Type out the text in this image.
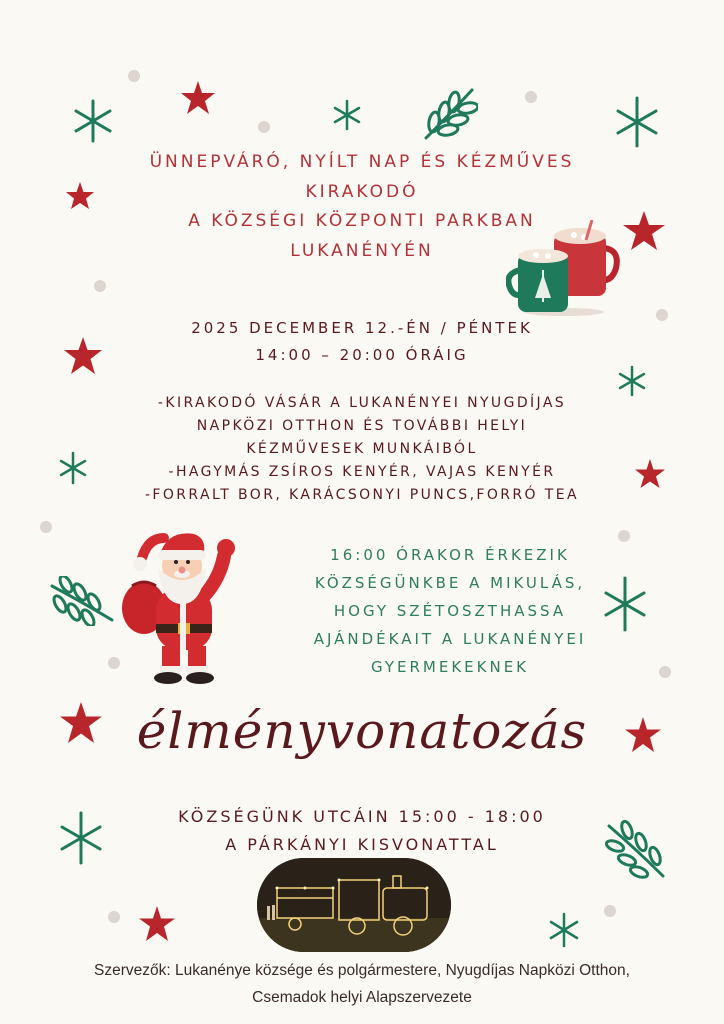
ÜNNEPVÁRÓ, NYÍLT NAP ÉS KÉZMŰVES
KIRAKODÓ
A KÖZSÉGI KÖZPONTI PARKBAN
LUKANÉNYÉN
2025 DECEMBER 12.-ÉN / PÉNTEK
14:00 – 20:00 ÓRÁIG
-KIRAKODÓ VÁSÁR A LUKANÉNYEI NYUGDÍJAS
NAPKÖZI OTTHON ÉS TOVÁBBI HELYI
KÉZMŰVESEK MUNKÁIBÓL
-HAGYMÁS ZSÍROS KENYÉR, VAJAS KENYÉR
-FORRALT BOR, KARÁCSONYI PUNCS,FORRÓ TEA
16:00 ÓRAKOR ÉRKEZIK
KÖZSÉGÜNKBE A MIKULÁS,
HOGY SZÉTOSZTHASSA
AJÁNDÉKAIT A LUKANÉNYEI
GYERMEKEKNEK
élményvonatozás
KÖZSÉGÜNK UTCÁIN 15:00 - 18:00
A PÁRKÁNYI KISVONATTAL
Szervezők: Lukanénye községe és polgármestere, Nyugdíjas Napközi Otthon,
Csemadok helyi Alapszervezete
